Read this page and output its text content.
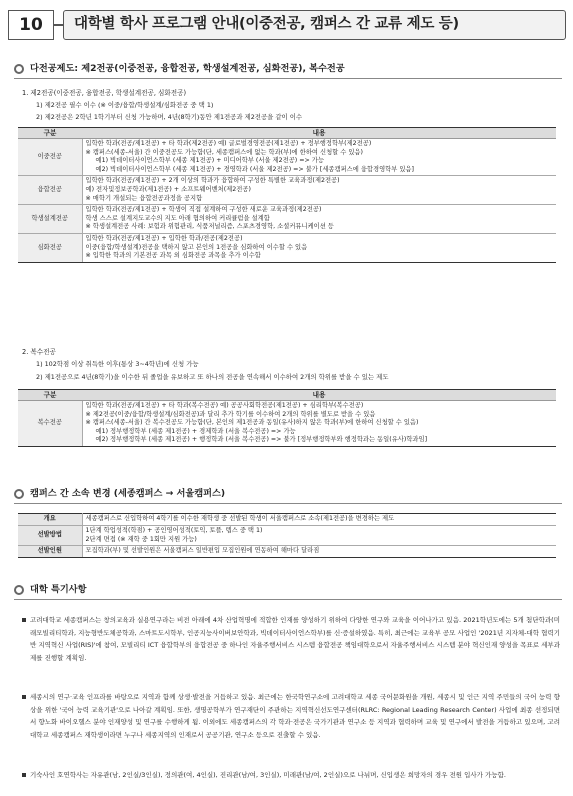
10	대학별 학사 프로그램 안내(이중전공, 캠퍼스 간 교류 제도 등)
다전공제도: 제2전공(이중전공, 융합전공, 학생설계전공, 심화전공), 복수전공
1. 제2전공(이중전공, 융합전공, 학생설계전공, 심화전공)
1) 제2전공 필수 이수 (※ 이중/융합/학생설계/심화전공 중 택 1)
2) 제2전공은 2학년 1학기부터 신청 가능하며, 4년(8학기)동안 제1전공과 제2전공을 같이 이수
구분	내용
이중전공	입학한 학과(전공/제1전공) + 타 학과(제2전공) 예) 글로벌경영전공(제1전공) + 정부행정학부(제2전공)
※ 캠퍼스(세종-서울) 간 이중전공도 가능함(단, 세종캠퍼스에 없는 학과(부)에 한하여 신청할 수 있음)
예1) 빅데이터사이언스학부 (세종 제1전공) + 미디어학부 (서울 제2전공) => 가능
예2) 빅데이터사이언스학부 (세종 제1전공) + 경영학과 (서울 제2전공) => 불가 [세종캠퍼스에 융합경영학부 있음]

융합전공	입학한 학과(전공/제1전공) + 2개 이상의 학과가 융합하여 구성한 특별한 교육과정(제2전공)
예) 전자및정보공학과(제1전공) + 소프트웨어벤처(제2전공)
※ 매학기 개설되는 융합전공과정을 공지함

학생설계전공	입학한 학과(전공/제1전공) + 학생이 직접 설계하여 구성한 새로운 교육과정(제2전공)
학생 스스로 설계지도교수의 지도 아래 협의하여 커리큘럼을 설계함
※ 학생설계전공 사례: 보험과 위험관리, 식품저널리즘, 스포츠경영학, 소셜커뮤니케이션 등

심화전공	입학한 학과(전공/제1전공) + 입학한 학과/전공(제2전공)
이중(융합/학생설계)전공을 택하지 않고 본인의 1전공을 심화하여 이수할 수 있음
※ 입학한 학과의 기본전공 과목 외 심화전공 과목을 추가 이수함
2. 복수전공
1) 102학점 이상 취득한 이후(통상 3~4학년)에 신청 가능
2) 제1전공으로 4년(8학기)을 이수한 뒤 졸업을 유보하고 또 하나의 전공을 연속해서 이수하여 2개의 학위를 받을 수 있는 제도
구분	내용
복수전공	입학한 학과(전공/제1전공) + 타 학과(복수전공) 예) 공공사회학전공(제1전공) + 심리학부(복수전공)
※ 제2전공(이중/융합/학생설계/심화전공)과 달리 추가 학기를 이수하여 2개의 학위를 별도로 받을 수 있음
※ 캠퍼스(세종-서울) 간 복수전공도 가능함(단, 본인의 제1전공과 동일(유사)하지 않은 학과(부)에 한하여 신청할 수 있음)
예1) 정부행정학부 (세종 제1전공) + 경제학과 (서울 복수전공) => 가능
예2) 정부행정학부 (세종 제1전공) + 행정학과 (서울 복수전공) => 불가 [정부행정학부와 행정학과는 동일(유사)학과임]
캠퍼스 간 소속 변경 (세종캠퍼스 → 서울캠퍼스)
개요	세종캠퍼스로 신입학하여 4학기를 이수한 재학생 중 선발된 학생이 서울캠퍼스로 소속(제1전공)을 변경하는 제도

선발방법	1단계 학업성적(학점) + 공인영어성적(토익, 토플, 텝스 중 택 1)
2단계 면접 (※ 재학 중 1회만 지원 가능)

선발인원	모집학과(부) 및 선발인원은 서울캠퍼스 일반편입 모집인원에 연동하여 해마다 달라짐
대학 특기사항
고려대학교 세종캠퍼스는 창의교육과 실용연구라는 비전 아래에 4차 산업혁명에 적합한 인재를 양성하기 위하여 다양한 연구와 교육을 이어나가고 있음. 2021학년도에는 5개 첨단학과(미래모빌리티학과, 지능형반도체공학과, 스마트도시학부, 인공지능사이버보안학과, 빅데이터사이언스학부)를 신·증설하였음. 특히, 최근에는 교육부 공모 사업인 '2021년 지자체-대학 협력기반 지역혁신 사업(RIS)'에 참여, 모빌리티 ICT 융합학부의 융합전공 중 하나인 자율주행서비스 시스템 융합전공 책임대학으로서 자율주행서비스 시스템 분야 혁신인재 양성을 목표로 세부과제를 진행할 계획임.
세종시의 연구·교육 인프라를 바탕으로 지역과 함께 상생·발전을 거듭하고 있음. 최근에는 한국학연구소에 고려대학교 세종 국어문화원을 개원, 세종시 및 인근 지역 주민들의 국어 능력 향상을 위한 '국어 능력 교육기관'으로 나아갈 계획임. 또한, 생명공학부가 연구재단이 주관하는 지역혁신선도연구센터(RLRC: Regional Leading Research Center) 사업에 최종 선정되면서 향노화 바이오헬스 분야 인재양성 및 연구를 수행하게 됨. 이외에도 세종캠퍼스의 각 학과·전공은 국가기관과 연구소 등 지역과 협력하며 교육 및 연구에서 발전을 거듭하고 있으며, 고려대학교 세종캠퍼스 재학생이라면 누구나 세종지역의 인재로서 공공기관, 연구소 등으로 진출할 수 있음.
기숙사인 호연학사는 자유관(남, 2인실/3인실), 정의관(여, 4인실), 진리관(남/여, 3인실), 미래관(남/여, 2인실)으로 나뉘며, 신입생은 희망자의 경우 전원 입사가 가능함.
